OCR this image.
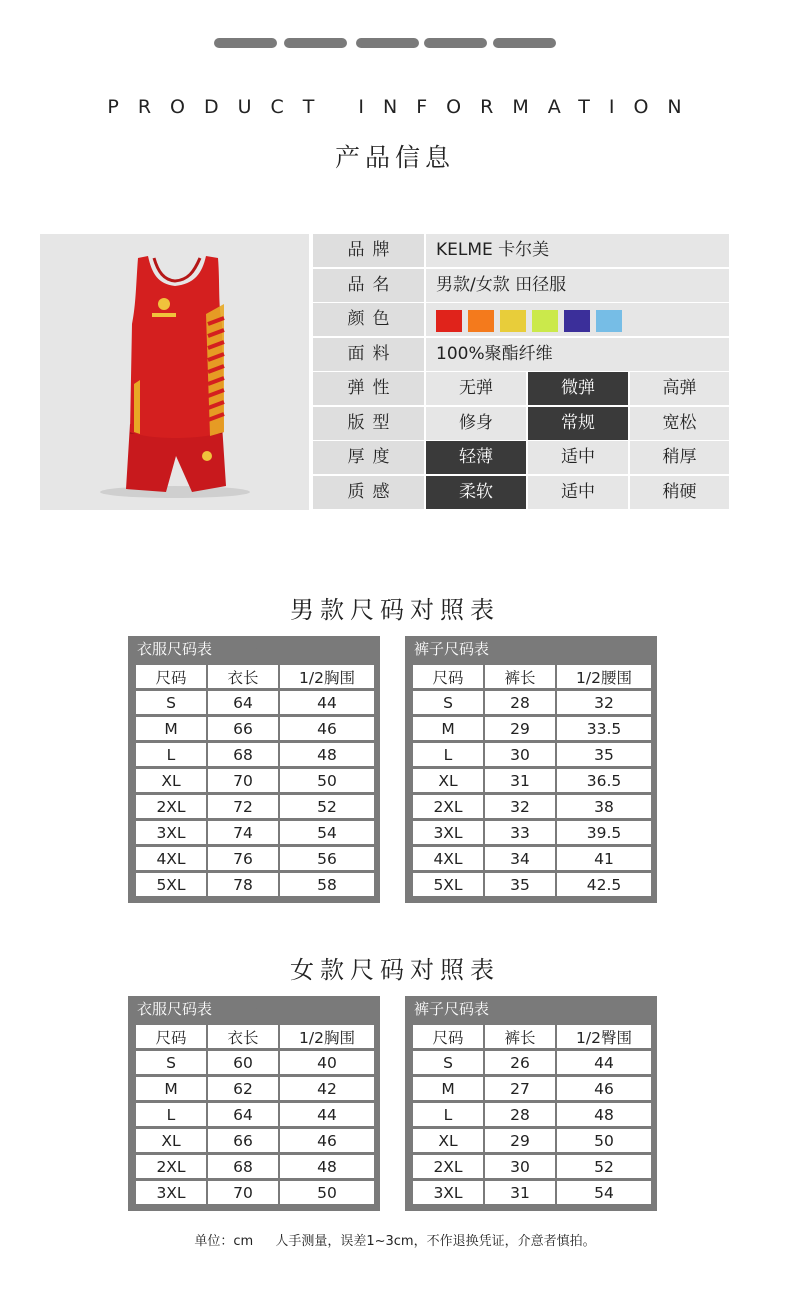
PRODUCT INFORMATION
产品信息
品牌	KELME 卡尔美
品名	男款/女款 田径服
颜色
面料	100%聚酯纤维
弹性	无弹	微弹	高弹
版型	修身	常规	宽松
厚度	轻薄	适中	稍厚
质感	柔软	适中	稍硬
男款尺码对照表
衣服尺码表
尺码	衣长	1/2胸围
S	64	44
M	66	46
L	68	48
XL	70	50
2XL	72	52
3XL	74	54
4XL	76	56
5XL	78	58
裤子尺码表
尺码	裤长	1/2腰围
S	28	32
M	29	33.5
L	30	35
XL	31	36.5
2XL	32	38
3XL	33	39.5
4XL	34	41
5XL	35	42.5
女款尺码对照表
衣服尺码表
尺码	衣长	1/2胸围
S	60	40
M	62	42
L	64	44
XL	66	46
2XL	68	48
3XL	70	50
裤子尺码表
尺码	裤长	1/2臀围
S	26	44
M	27	46
L	28	48
XL	29	50
2XL	30	52
3XL	31	54
单位：cm 人手测量，误差1~3cm，不作退换凭证，介意者慎拍。
